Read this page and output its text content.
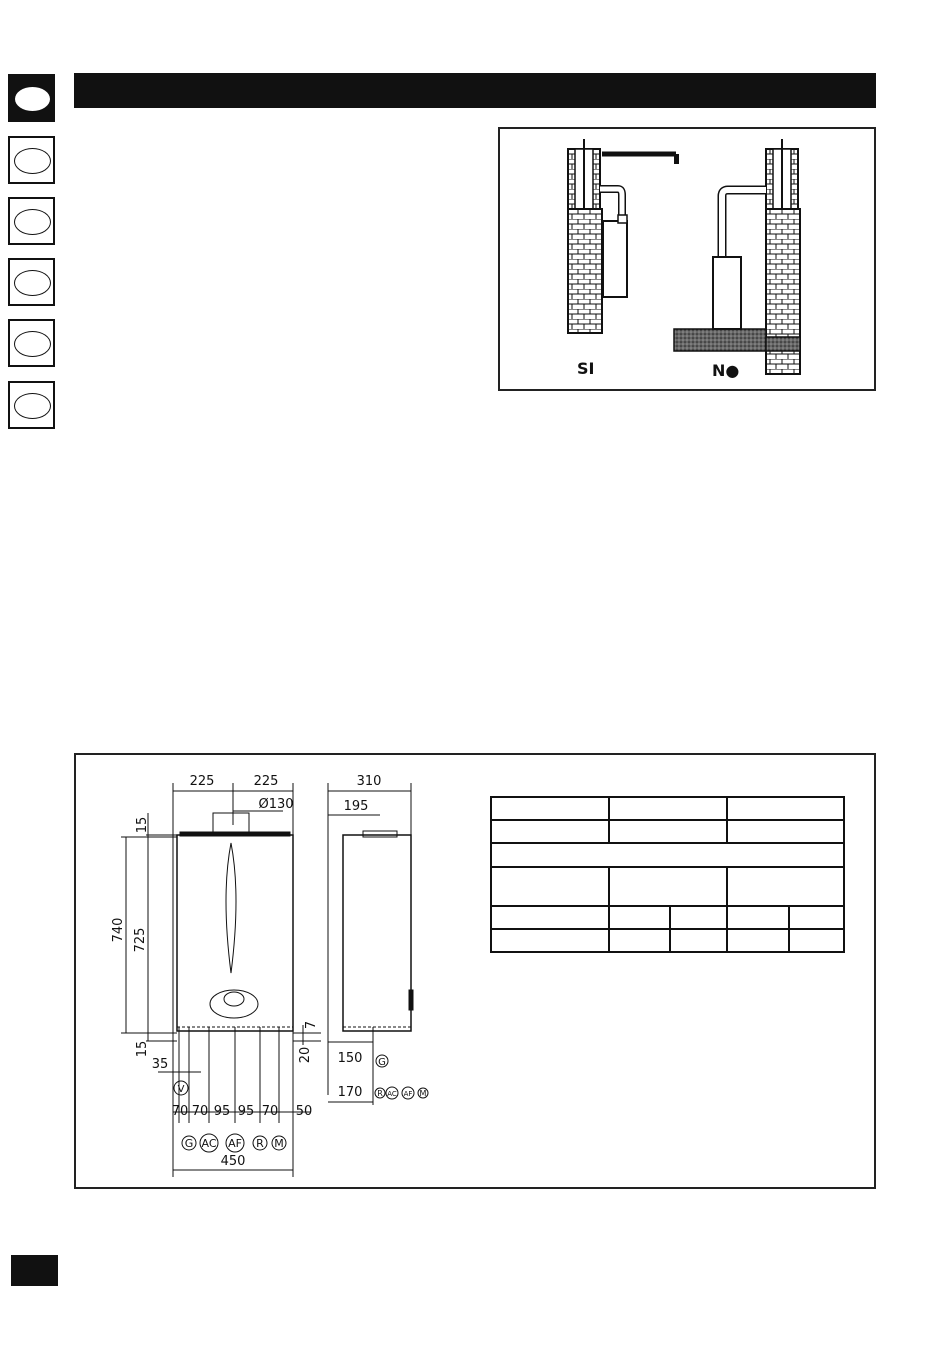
SI	N●
225	225
Ø130
15
740 725
15
7
20
35
V
70 70 95 95 70 50
G AC AF R M
450
310
195
150 G
170 R AC AF M
